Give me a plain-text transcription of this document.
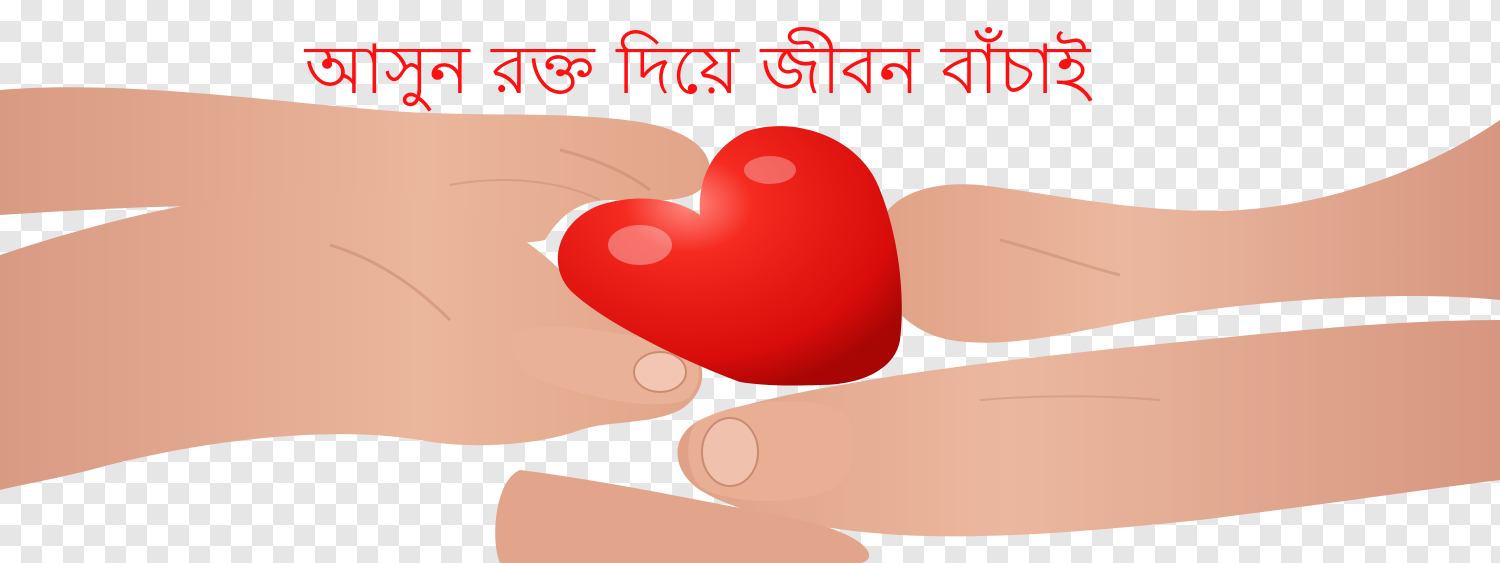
আসুন রক্ত দিয়ে জীবন বাঁচাই
